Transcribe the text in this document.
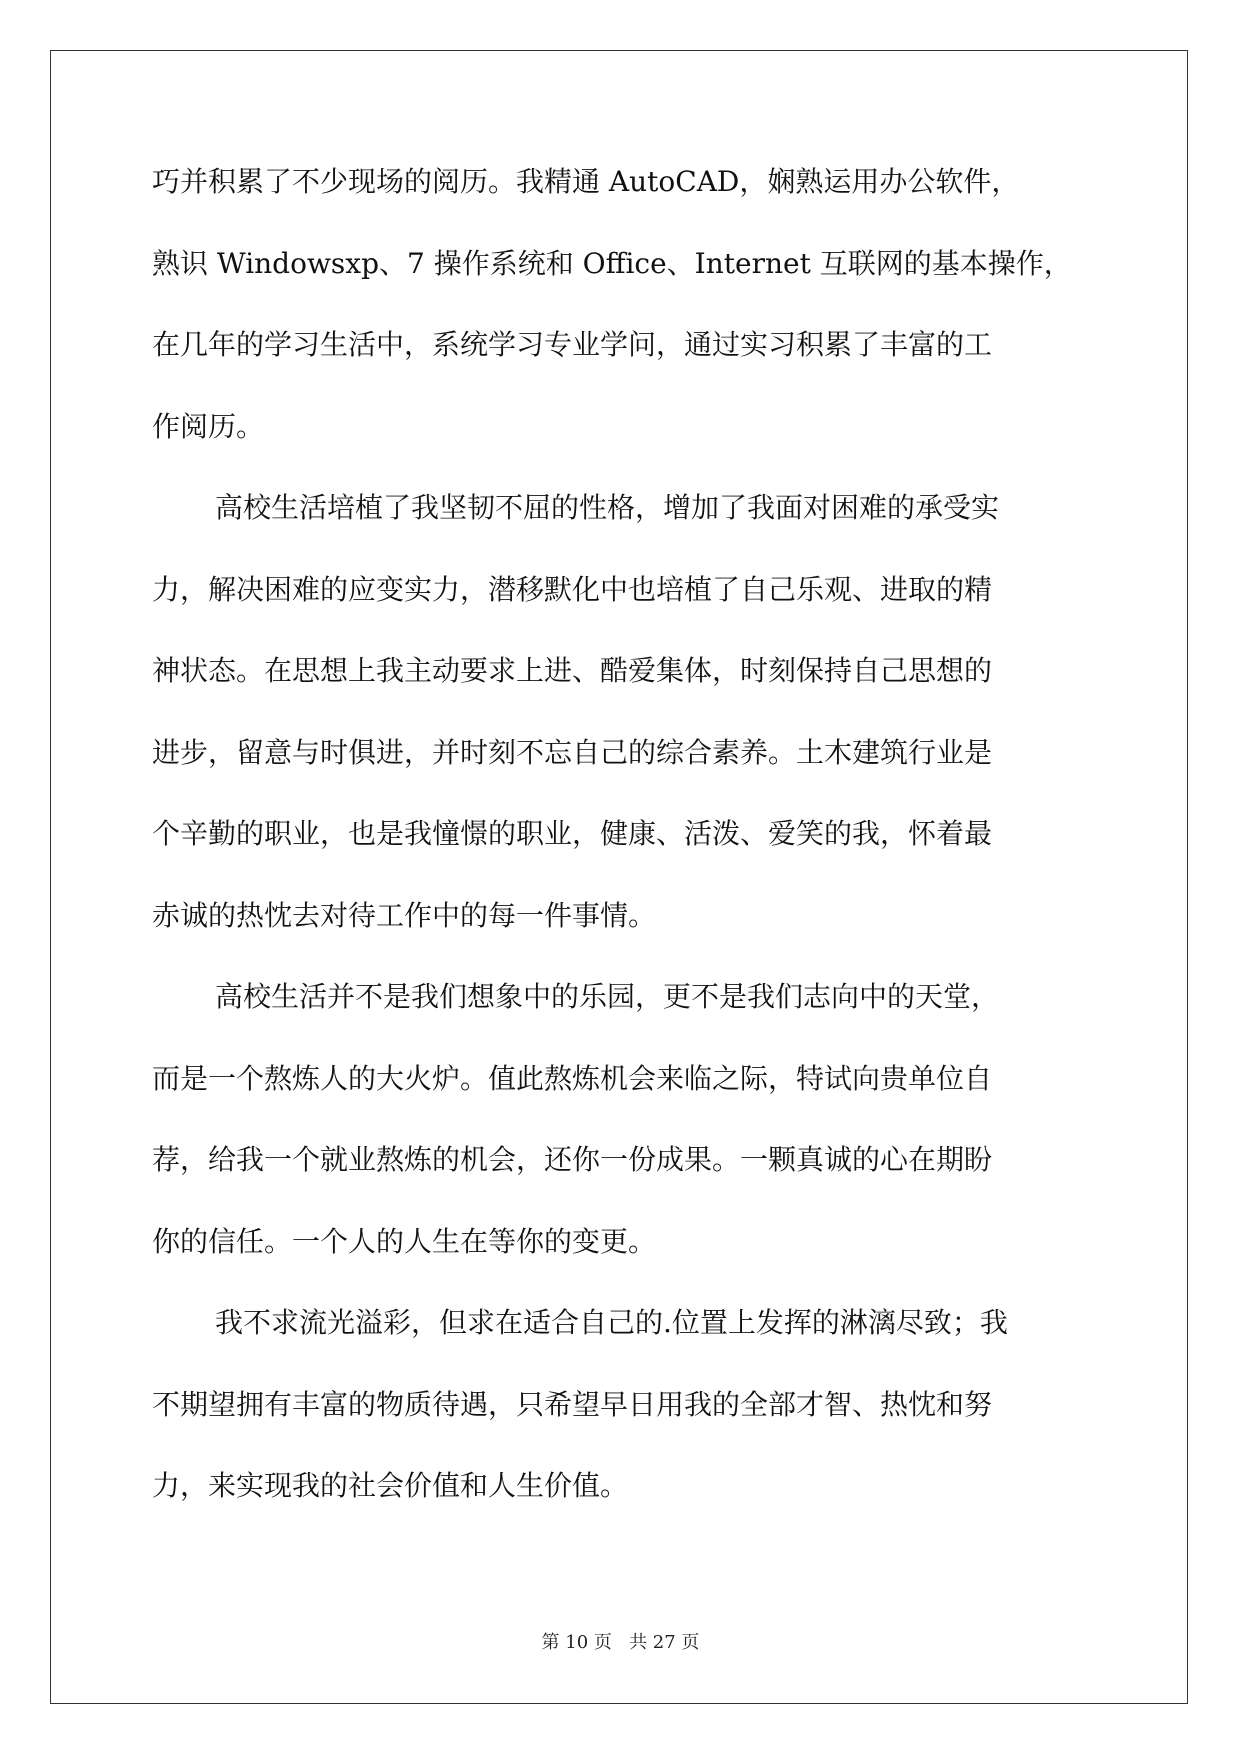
巧并积累了不少现场的阅历。我精通 AutoCAD，娴熟运用办公软件，
熟识 Windowsxp、7 操作系统和 Office、Internet 互联网的基本操作，
在几年的学习生活中，系统学习专业学问，通过实习积累了丰富的工
作阅历。
高校生活培植了我坚韧不屈的性格，增加了我面对困难的承受实
力，解决困难的应变实力，潜移默化中也培植了自己乐观、进取的精
神状态。在思想上我主动要求上进、酷爱集体，时刻保持自己思想的
进步，留意与时俱进，并时刻不忘自己的综合素养。土木建筑行业是
个辛勤的职业，也是我憧憬的职业，健康、活泼、爱笑的我，怀着最
赤诚的热忱去对待工作中的每一件事情。
高校生活并不是我们想象中的乐园，更不是我们志向中的天堂，
而是一个熬炼人的大火炉。值此熬炼机会来临之际，特试向贵单位自
荐，给我一个就业熬炼的机会，还你一份成果。一颗真诚的心在期盼
你的信任。一个人的人生在等你的变更。
我不求流光溢彩，但求在适合自己的.位置上发挥的淋漓尽致；我
不期望拥有丰富的物质待遇，只希望早日用我的全部才智、热忱和努
力，来实现我的社会价值和人生价值。
第 10 页 共 27 页
